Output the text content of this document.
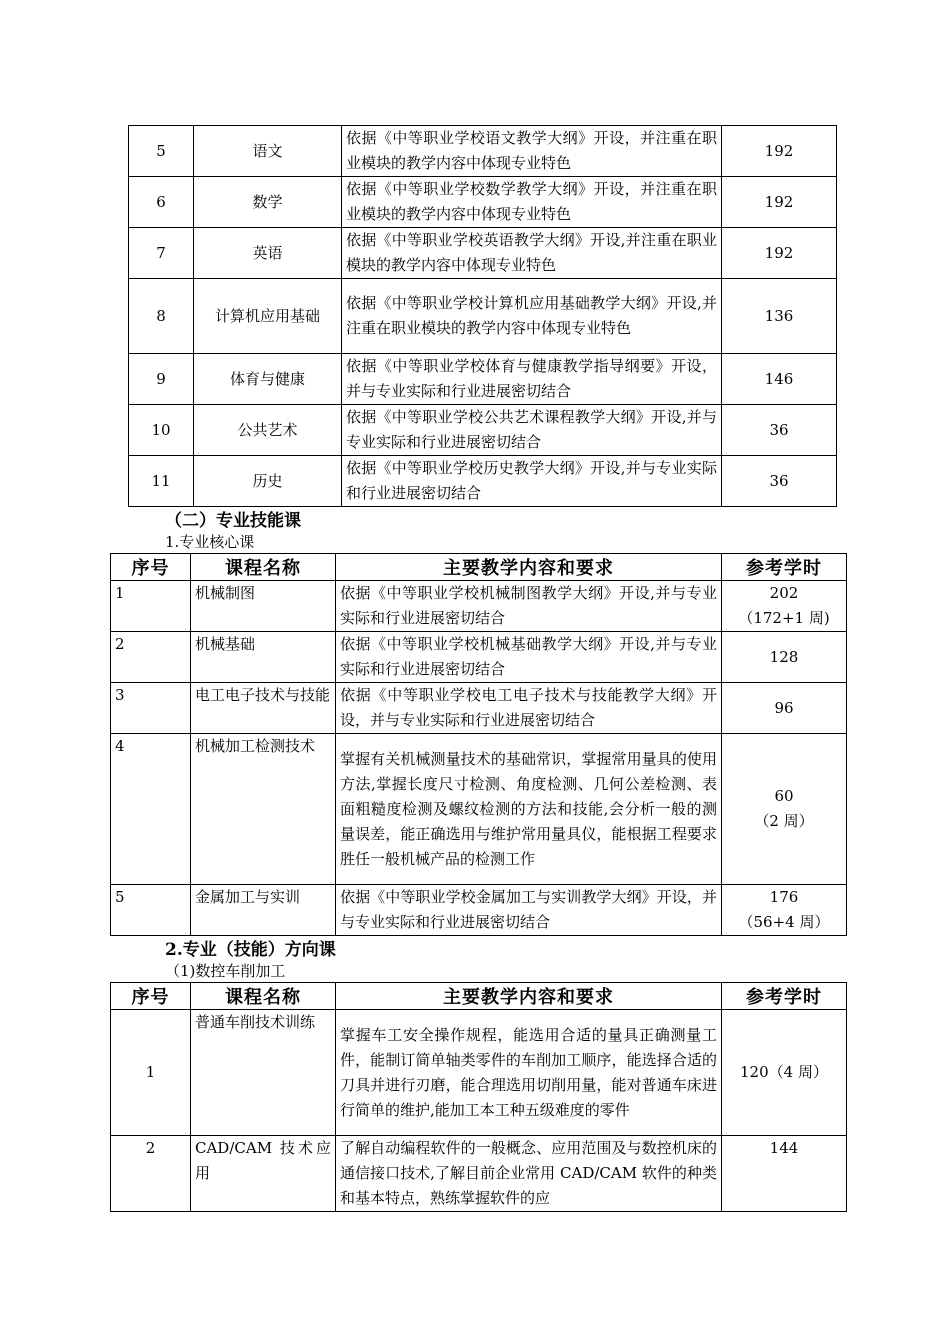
5	语文	依据《中等职业学校语文教学大纲》开设，并注重在职业模块的教学内容中体现专业特色	192
6	数学	依据《中等职业学校数学教学大纲》开设，并注重在职业模块的教学内容中体现专业特色	192
7	英语	依据《中等职业学校英语教学大纲》开设,并注重在职业模块的教学内容中体现专业特色	192
8	计算机应用基础	依据《中等职业学校计算机应用基础教学大纲》开设,并注重在职业模块的教学内容中体现专业特色	136
9	体育与健康	依据《中等职业学校体育与健康教学指导纲要》开设，并与专业实际和行业进展密切结合	146
10	公共艺术	依据《中等职业学校公共艺术课程教学大纲》开设,并与专业实际和行业进展密切结合	36
11	历史	依据《中等职业学校历史教学大纲》开设,并与专业实际和行业进展密切结合	36
（二）专业技能课
1.专业核心课
序号	课程名称	主要教学内容和要求	参考学时
1	机械制图	依据《中等职业学校机械制图教学大纲》开设,并与专业实际和行业进展密切结合	202
（172+1 周)

2	机械基础	依据《中等职业学校机械基础教学大纲》开设,并与专业实际和行业进展密切结合	128

3	电工电子技术与技能	依据《中等职业学校电工电子技术与技能教学大纲》开设，并与专业实际和行业进展密切结合	96

4	机械加工检测技术	掌握有关机械测量技术的基础常识，掌握常用量具的使用方法,掌握长度尺寸检测、角度检测、几何公差检测、表面粗糙度检测及螺纹检测的方法和技能,会分析一般的测量误差，能正确选用与维护常用量具仪，能根据工程要求胜任一般机械产品的检测工作	60
（2 周）

5	金属加工与实训	依据《中等职业学校金属加工与实训教学大纲》开设，并与专业实际和行业进展密切结合	176
（56+4 周）
2.专业（技能）方向课
（1)数控车削加工
序号	课程名称	主要教学内容和要求	参考学时
1	普通车削技术训练	掌握车工安全操作规程，能选用合适的量具正确测量工件，能制订简单轴类零件的车削加工顺序，能选择合适的刀具并进行刃磨，能合理选用切削用量，能对普通车床进行简单的维护,能加工本工种五级难度的零件	120（4 周）
2	CAD/CAM 技术应用	了解自动编程软件的一般概念、应用范围及与数控机床的通信接口技术,了解目前企业常用 CAD/CAM 软件的种类和基本特点，熟练掌握软件的应	144
